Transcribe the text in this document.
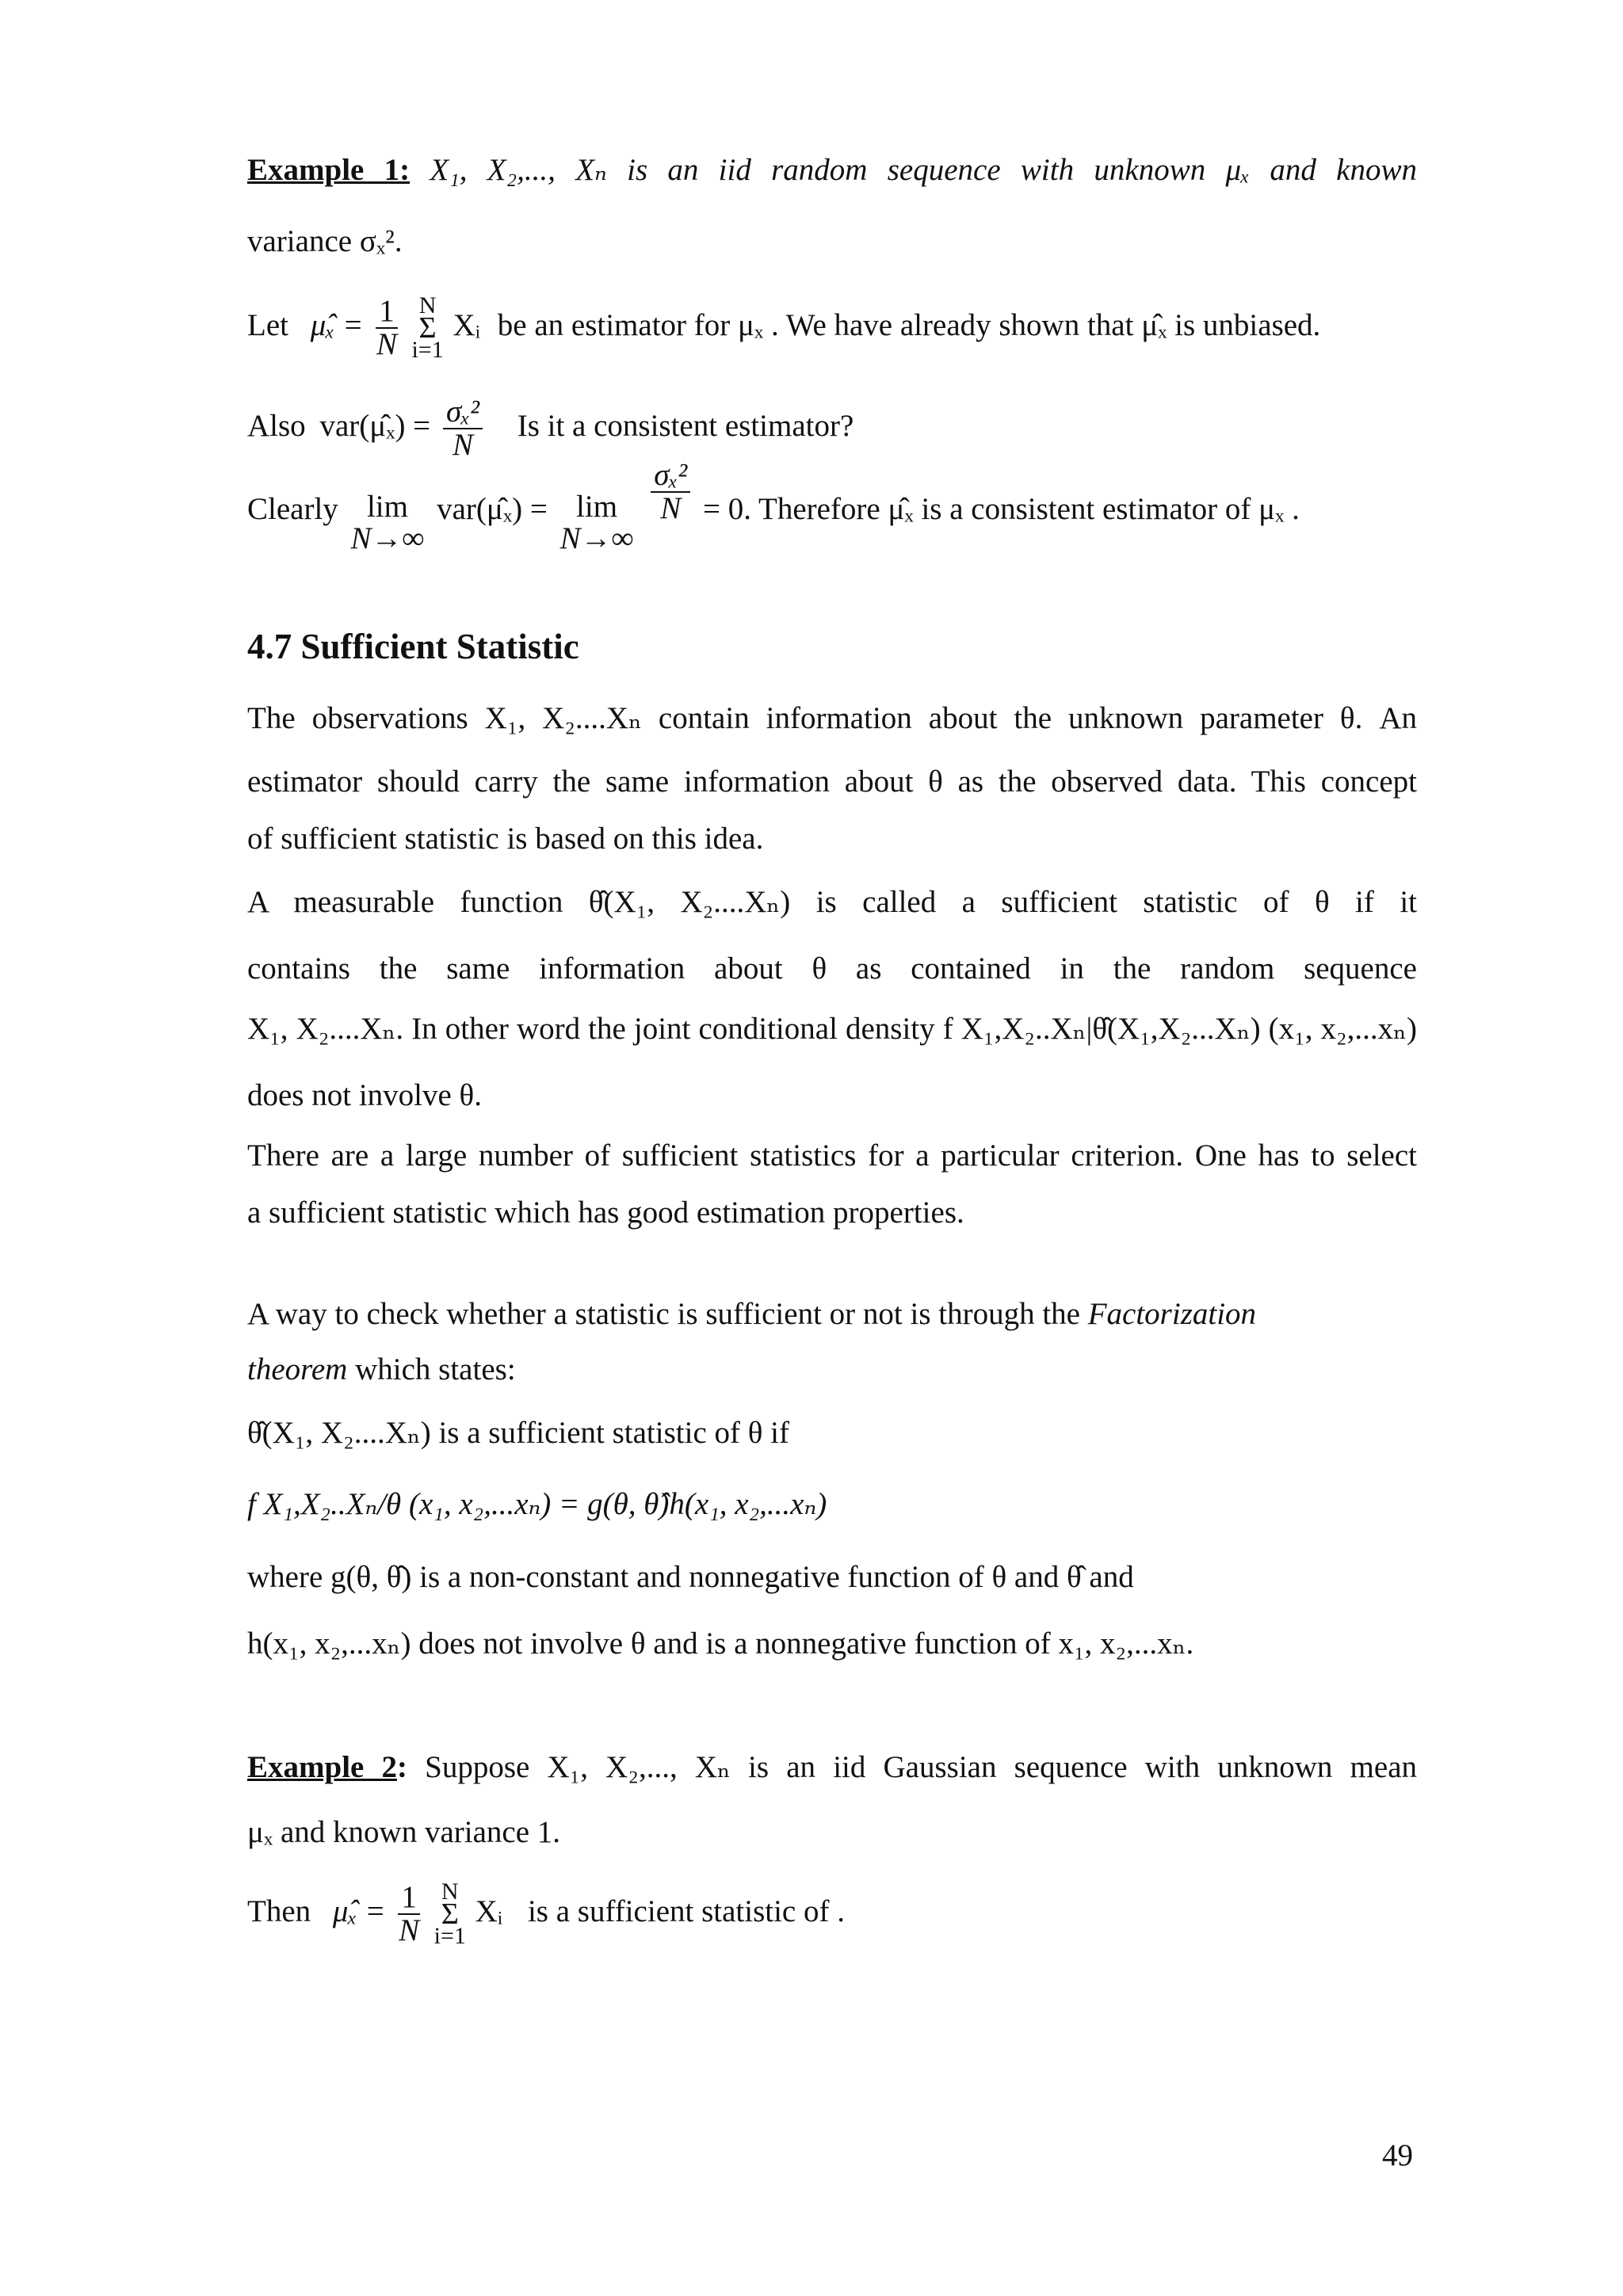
Example 1: X₁, X₂,..., Xₙ is an iid random sequence with unknown μₓ and known
variance σₓ².
Let μ̂ₓ = $\frac{1}{N}$
N
Σ
i=1
Xᵢ be an estimator for μₓ . We have already shown that μ̂ₓ is unbiased.
Also var(μ̂ₓ) = $\frac{\text{σₓ²}}{N}$ Is it a consistent estimator?
Clearly lim
N→∞
var(μ̂ₓ) = lim
N→∞

$\frac{\text{σₓ²}}{N} = 0$. Therefore μ̂ₓ is a consistent estimator of μₓ .
4.7 Sufficient Statistic
The observations X₁, X₂....Xₙ contain information about the unknown parameter θ. An
estimator should carry the same information about θ as the observed data. This concept
of sufficient statistic is based on this idea.
A measurable function θ̂(X₁, X₂....Xₙ) is called a sufficient statistic of θ if it
contains the same information about θ as contained in the random sequence
X₁, X₂....Xₙ. In other word the joint conditional density f X₁,X₂..Xₙ|θ̂(X₁,X₂...Xₙ) (x₁, x₂,...xₙ)
does not involve θ.
There are a large number of sufficient statistics for a particular criterion. One has to select
a sufficient statistic which has good estimation properties.
A way to check whether a statistic is sufficient or not is through the Factorization
theorem which states:
θ̂(X₁, X₂....Xₙ) is a sufficient statistic of θ if
f X₁,X₂..Xₙ/θ (x₁, x₂,...xₙ) = g(θ, θ̂)h(x₁, x₂,...xₙ)
where g(θ, θ̂) is a non-constant and nonnegative function of θ and θ̂ and
h(x₁, x₂,...xₙ) does not involve θ and is a nonnegative function of x₁, x₂,...xₙ.
Example 2: Suppose X₁, X₂,..., Xₙ is an iid Gaussian sequence with unknown mean
μₓ and known variance 1.
Then μ̂ₓ = $\frac{1}{N}$
N
Σ
i=1
Xᵢ is a sufficient statistic of .
49
